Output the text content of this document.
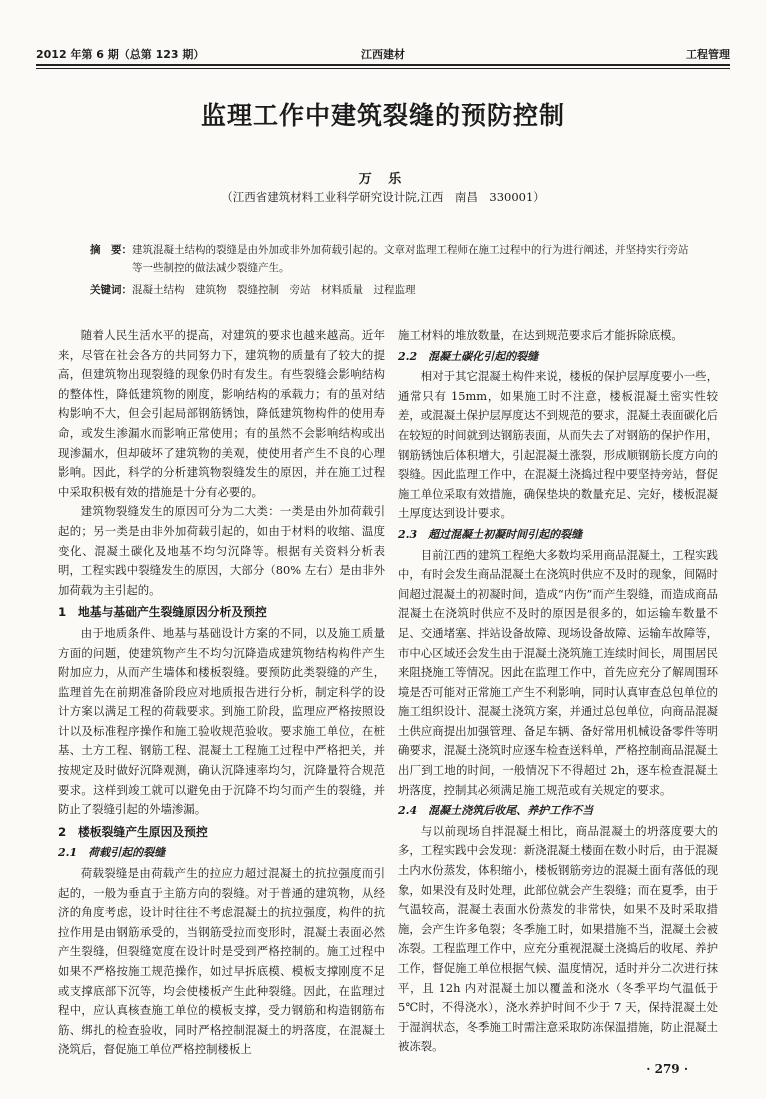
2012 年第 6 期（总第 123 期）	江西建材	工程管理
监理工作中建筑裂缝的预防控制
万 乐
（江西省建筑材料工业科学研究设计院,江西　南昌　330001）
摘　要： 建筑混凝土结构的裂缝是由外加或非外加荷载引起的。文章对监理工程师在施工过程中的行为进行阐述，并坚持实行旁站等一些制控的做法减少裂缝产生。
关键词： 混凝土结构　建筑物　裂缝控制　旁站　材料质量　过程监理

随着人民生活水平的提高，对建筑的要求也越来越高。近年来，尽管在社会各方的共同努力下，建筑物的质量有了较大的提高，但建筑物出现裂缝的现象仍时有发生。有些裂缝会影响结构的整体性，降低建筑物的刚度，影响结构的承载力；有的虽对结构影响不大，但会引起局部钢筋锈蚀，降低建筑物构件的使用寿命，或发生渗漏水而影响正常使用；有的虽然不会影响结构或出现渗漏水，但却破坏了建筑物的美观，使使用者产生不良的心理影响。因此，科学的分析建筑物裂缝发生的原因，并在施工过程中采取积极有效的措施是十分有必要的。

建筑物裂缝发生的原因可分为二大类：一类是由外加荷载引起的；另一类是由非外加荷载引起的，如由于材料的收缩、温度变化、混凝土碳化及地基不均匀沉降等。根据有关资料分析表明，工程实践中裂缝发生的原因，大部分（80% 左右）是由非外加荷载为主引起的。

1　地基与基础产生裂缝原因分析及预控

由于地质条件、地基与基础设计方案的不同，以及施工质量方面的问题，使建筑物产生不均匀沉降造成建筑物结构构件产生附加应力，从而产生墙体和楼板裂缝。要预防此类裂缝的产生，监理首先在前期准备阶段应对地质报告进行分析，制定科学的设计方案以满足工程的荷载要求。到施工阶段，监理应严格按照设计以及标准程序操作和施工验收规范验收。要求施工单位，在桩基、土方工程、钢筋工程、混凝土工程施工过程中严格把关，并按规定及时做好沉降观测，确认沉降速率均匀，沉降量符合规范要求。这样到竣工就可以避免由于沉降不均匀而产生的裂缝，并防止了裂缝引起的外墙渗漏。

2　楼板裂缝产生原因及预控
2.1　荷载引起的裂缝

荷载裂缝是由荷载产生的拉应力超过混凝土的抗拉强度而引起的，一般为垂直于主筋方向的裂缝。对于普通的建筑物，从经济的角度考虑，设计时往往不考虑混凝土的抗拉强度，构件的抗拉作用是由钢筋承受的，当钢筋受拉而变形时，混凝土表面必然产生裂缝，但裂缝宽度在设计时是受到严格控制的。施工过程中如果不严格按施工规范操作，如过早拆底模、模板支撑刚度不足或支撑底部下沉等，均会使楼板产生此种裂缝。因此，在监理过程中，应认真核查施工单位的模板支撑，受力钢筋和构造钢筋布筋、绑扎的检查验收，同时严格控制混凝土的坍落度，在混凝土浇筑后，督促施工单位严格控制楼板上

施工材料的堆放数量，在达到规范要求后才能拆除底模。

2.2　混凝土碳化引起的裂缝

相对于其它混凝土构件来说，楼板的保护层厚度要小一些，通常只有 15mm，如果施工时不注意，楼板混凝土密实性较差，或混凝土保护层厚度达不到规范的要求，混凝土表面碳化后在较短的时间就到达钢筋表面，从而失去了对钢筋的保护作用，钢筋锈蚀后体积增大，引起混凝土涨裂，形成顺钢筋长度方向的裂缝。因此监理工作中，在混凝土浇捣过程中要坚持旁站，督促施工单位采取有效措施，确保垫块的数量充足、完好，楼板混凝土厚度达到设计要求。

2.3　超过混凝土初凝时间引起的裂缝

目前江西的建筑工程绝大多数均采用商品混凝土，工程实践中，有时会发生商品混凝土在浇筑时供应不及时的现象，间隔时间超过混凝土的初凝时间，造成“内伤”而产生裂缝，而造成商品混凝土在浇筑时供应不及时的原因是很多的，如运输车数量不足、交通堵塞、拌站设备故障、现场设备故障、运输车故障等，市中心区域还会发生由于混凝土浇筑施工连续时间长，周围居民来阻挠施工等情况。因此在监理工作中，首先应充分了解周围环境是否可能对正常施工产生不利影响，同时认真审查总包单位的施工组织设计、混凝土浇筑方案，并通过总包单位，向商品混凝土供应商提出加强管理、备足车辆、备好常用机械设备零件等明确要求，混凝土浇筑时应逐车检查送料单，严格控制商品混凝土出厂到工地的时间，一般情况下不得超过 2h，逐车检查混凝土坍落度，控制其必须满足施工规范或有关规定的要求。

2.4　混凝土浇筑后收尾、养护工作不当

与以前现场自拌混凝土相比，商品混凝土的坍落度要大的多，工程实践中会发现：新浇混凝土楼面在数小时后，由于混凝土内水份蒸发，体积缩小，楼板钢筋旁边的混凝土面有落低的现象，如果没有及时处理，此部位就会产生裂缝；而在夏季，由于气温较高，混凝土表面水份蒸发的非常快，如果不及时采取措施，会产生许多龟裂；冬季施工时，如果措施不当，混凝土会被冻裂。工程监理工作中，应充分重视混凝土浇捣后的收尾、养护工作，督促施工单位根据气候、温度情况，适时并分二次进行抹平，且 12h 内对混凝土加以覆盖和浇水（冬季平均气温低于 5℃时，不得浇水），浇水养护时间不少于 7 天，保持混凝土处于湿润状态，冬季施工时需注意采取防冻保温措施，防止混凝土被冻裂。

· 279 ·
